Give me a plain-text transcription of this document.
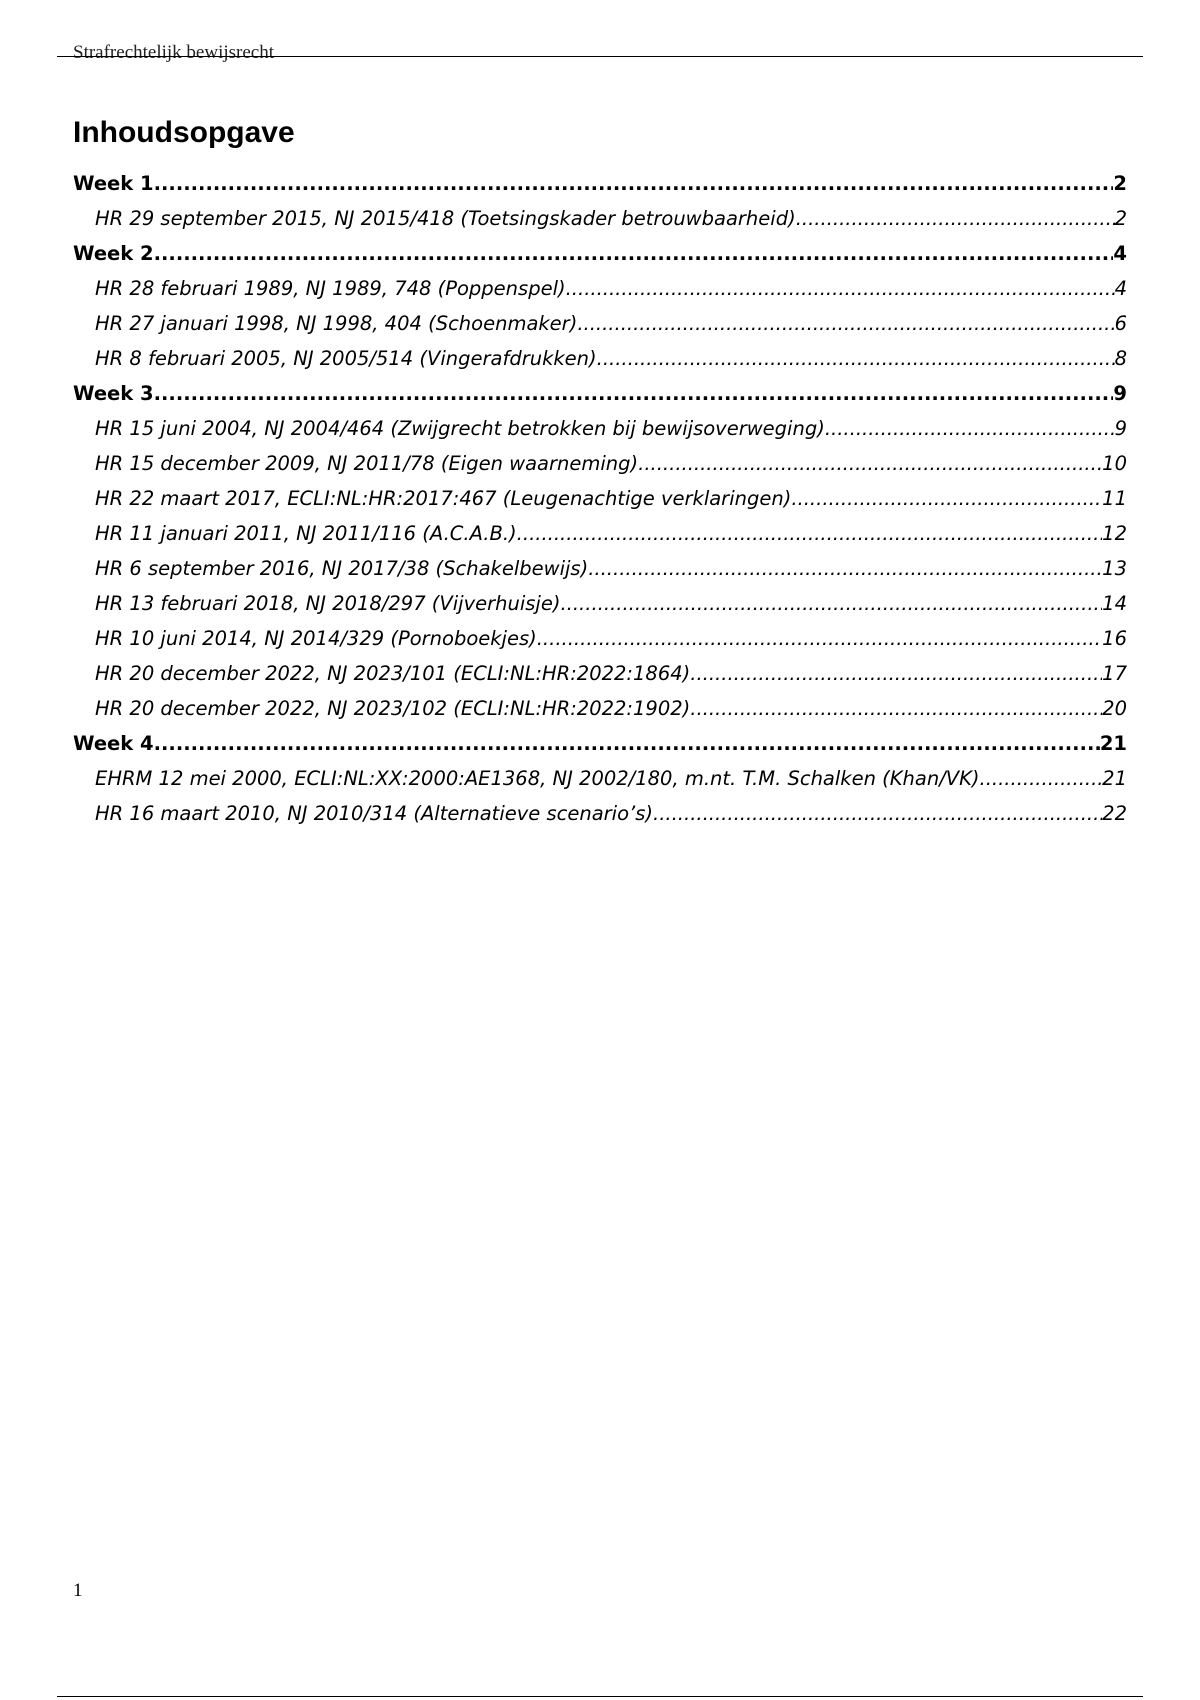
Strafrechtelijk bewijsrecht
Inhoudsopgave
Week 1 .....	2
HR 29 september 2015, NJ 2015/418 (Toetsingskader betrouwbaarheid) .....	2
Week 2 .....	4
HR 28 februari 1989, NJ 1989, 748 (Poppenspel) .....	4
HR 27 januari 1998, NJ 1998, 404 (Schoenmaker) .....	6
HR 8 februari 2005, NJ 2005/514 (Vingerafdrukken) .....	8
Week 3 .....	9
HR 15 juni 2004, NJ 2004/464 (Zwijgrecht betrokken bij bewijsoverweging) .....	9
HR 15 december 2009, NJ 2011/78 (Eigen waarneming) .....	10
HR 22 maart 2017, ECLI:NL:HR:2017:467 (Leugenachtige verklaringen) .....	11
HR 11 januari 2011, NJ 2011/116 (A.C.A.B.) .....	12
HR 6 september 2016, NJ 2017/38 (Schakelbewijs) .....	13
HR 13 februari 2018, NJ 2018/297 (Vijverhuisje) .....	14
HR 10 juni 2014, NJ 2014/329 (Pornoboekjes) .....	16
HR 20 december 2022, NJ 2023/101 (ECLI:NL:HR:2022:1864) .....	17
HR 20 december 2022, NJ 2023/102 (ECLI:NL:HR:2022:1902) .....	20
Week 4 .....	21
EHRM 12 mei 2000, ECLI:NL:XX:2000:AE1368, NJ 2002/180, m.nt. T.M. Schalken (Khan/VK) .....	21
HR 16 maart 2010, NJ 2010/314 (Alternatieve scenario’s) .....	22
1
